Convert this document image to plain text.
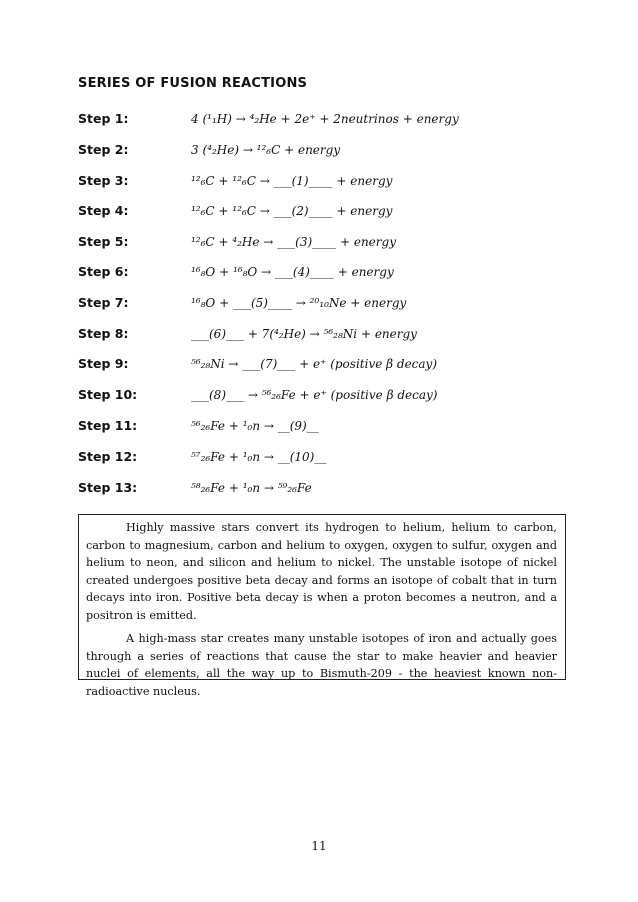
SERIES OF FUSION REACTIONS
Step 1:	4 (¹₁H) → ⁴₂He + 2e⁺ + 2neutrinos + energy
Step 2:	3 (⁴₂He) → ¹²₆C + energy
Step 3:	¹²₆C + ¹²₆C → ___(1)____ + energy
Step 4:	¹²₆C + ¹²₆C → ___(2)____ + energy
Step 5:	¹²₆C + ⁴₂He → ___(3)____ + energy
Step 6:	¹⁶₈O + ¹⁶₈O → ___(4)____ + energy
Step 7:	¹⁶₈O + ___(5)____ → ²⁰₁₀Ne + energy
Step 8:	___(6)___ + 7(⁴₂He) → ⁵⁶₂₈Ni + energy
Step 9:	⁵⁶₂₈Ni → ___(7)___ + e⁺ (positive β decay)
Step 10:	___(8)___ → ⁵⁶₂₆Fe + e⁺ (positive β decay)
Step 11:	⁵⁶₂₆Fe + ¹₀n → __(9)__
Step 12:	⁵⁷₂₆Fe + ¹₀n → __(10)__
Step 13:	⁵⁸₂₆Fe + ¹₀n → ⁵⁹₂₆Fe

Highly massive stars convert its hydrogen to helium, helium to carbon, carbon to magnesium, carbon and helium to oxygen, oxygen to sulfur, oxygen and helium to neon, and silicon and helium to nickel. The unstable isotope of nickel created undergoes positive beta decay and forms an isotope of cobalt that in turn decays into iron. Positive beta decay is when a proton becomes a neutron, and a positron is emitted.

A high-mass star creates many unstable isotopes of iron and actually goes through a series of reactions that cause the star to make heavier and heavier nuclei of elements, all the way up to Bismuth-209 - the heaviest known non-radioactive nucleus.

11
